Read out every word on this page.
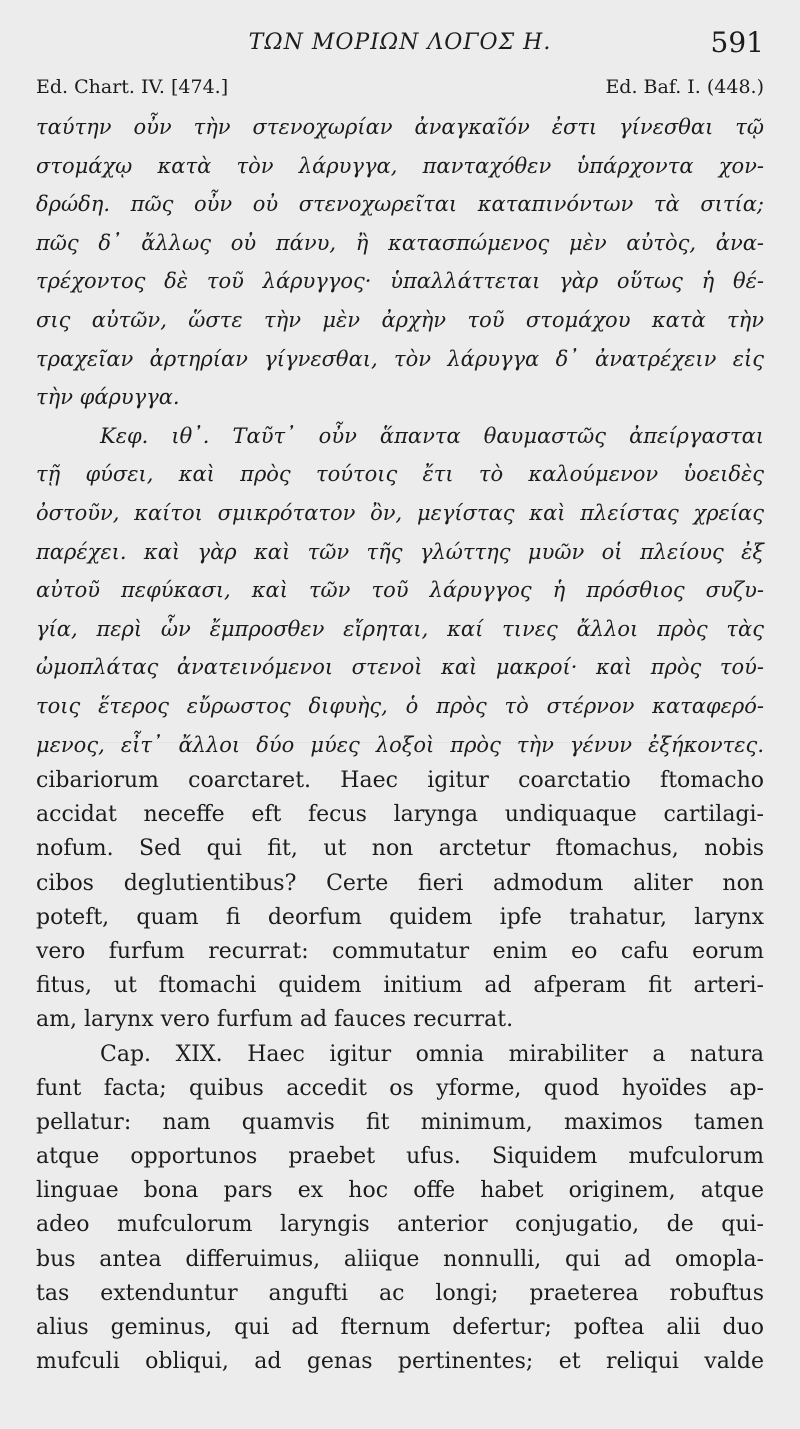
ΤΩΝ ΜΟΡΙΩΝ ΛΟΓΟΣ Η.	591
Ed. Chart. IV. [474.]	Ed. Baf. I. (448.)
ταύτην οὖν τὴν στενοχωρίαν ἀναγκαῖόν ἐστι γίνεσθαι τῷ
στομάχῳ κατὰ τὸν λάρυγγα, πανταχόθεν ὑπάρχοντα χον-
δρώδη. πῶς οὖν οὐ στενοχωρεῖται καταπινόντων τὰ σιτία;
πῶς δ᾽ ἄλλως οὐ πάνυ, ἢ κατασπώμενος μὲν αὐτὸς, ἀνα-
τρέχοντος δὲ τοῦ λάρυγγος· ὑπαλλάττεται γὰρ οὕτως ἡ θέ-
σις αὐτῶν, ὥστε τὴν μὲν ἀρχὴν τοῦ στομάχου κατὰ τὴν
τραχεῖαν ἀρτηρίαν γίγνεσθαι, τὸν λάρυγγα δ᾽ ἀνατρέχειν εἰς
τὴν φάρυγγα.
Κεφ. ιθ᾽. Ταῦτ᾽ οὖν ἅπαντα θαυμαστῶς ἀπείργασται
τῇ φύσει, καὶ πρὸς τούτοις ἔτι τὸ καλούμενον ὑοειδὲς
ὀστοῦν, καίτοι σμικρότατον ὂν, μεγίστας καὶ πλείστας χρείας
παρέχει. καὶ γὰρ καὶ τῶν τῆς γλώττης μυῶν οἱ πλείους ἐξ
αὐτοῦ πεφύκασι, καὶ τῶν τοῦ λάρυγγος ἡ πρόσθιος συζυ-
γία, περὶ ὧν ἔμπροσθεν εἴρηται, καί τινες ἄλλοι πρὸς τὰς
ὠμοπλάτας ἀνατεινόμενοι στενοὶ καὶ μακροί· καὶ πρὸς τού-
τοις ἕτερος εὔρωστος διφυὴς, ὁ πρὸς τὸ στέρνον καταφερό-
μενος, εἶτ᾽ ἄλλοι δύο μύες λοξοὶ πρὸς τὴν γένυν ἐξήκοντες.
cibariorum coarctaret. Haec igitur coarctatio ftomacho
accidat neceffe eft fecus larynga undiquaque cartilagi-
nofum. Sed qui fit, ut non arctetur ftomachus, nobis
cibos deglutientibus? Certe fieri admodum aliter non
poteft, quam fi deorfum quidem ipfe trahatur, larynx
vero furfum recurrat: commutatur enim eo cafu eorum
fitus, ut ftomachi quidem initium ad afperam fit arteri-
am, larynx vero furfum ad fauces recurrat.
Cap. XIX. Haec igitur omnia mirabiliter a natura
funt facta; quibus accedit os yforme, quod hyoïdes ap-
pellatur: nam quamvis fit minimum, maximos tamen
atque opportunos praebet ufus. Siquidem mufculorum
linguae bona pars ex hoc offe habet originem, atque
adeo mufculorum laryngis anterior conjugatio, de qui-
bus antea differuimus, aliique nonnulli, qui ad omopla-
tas extenduntur angufti ac longi; praeterea robuftus
alius geminus, qui ad fternum defertur; poftea alii duo
mufculi obliqui, ad genas pertinentes; et reliqui valde
